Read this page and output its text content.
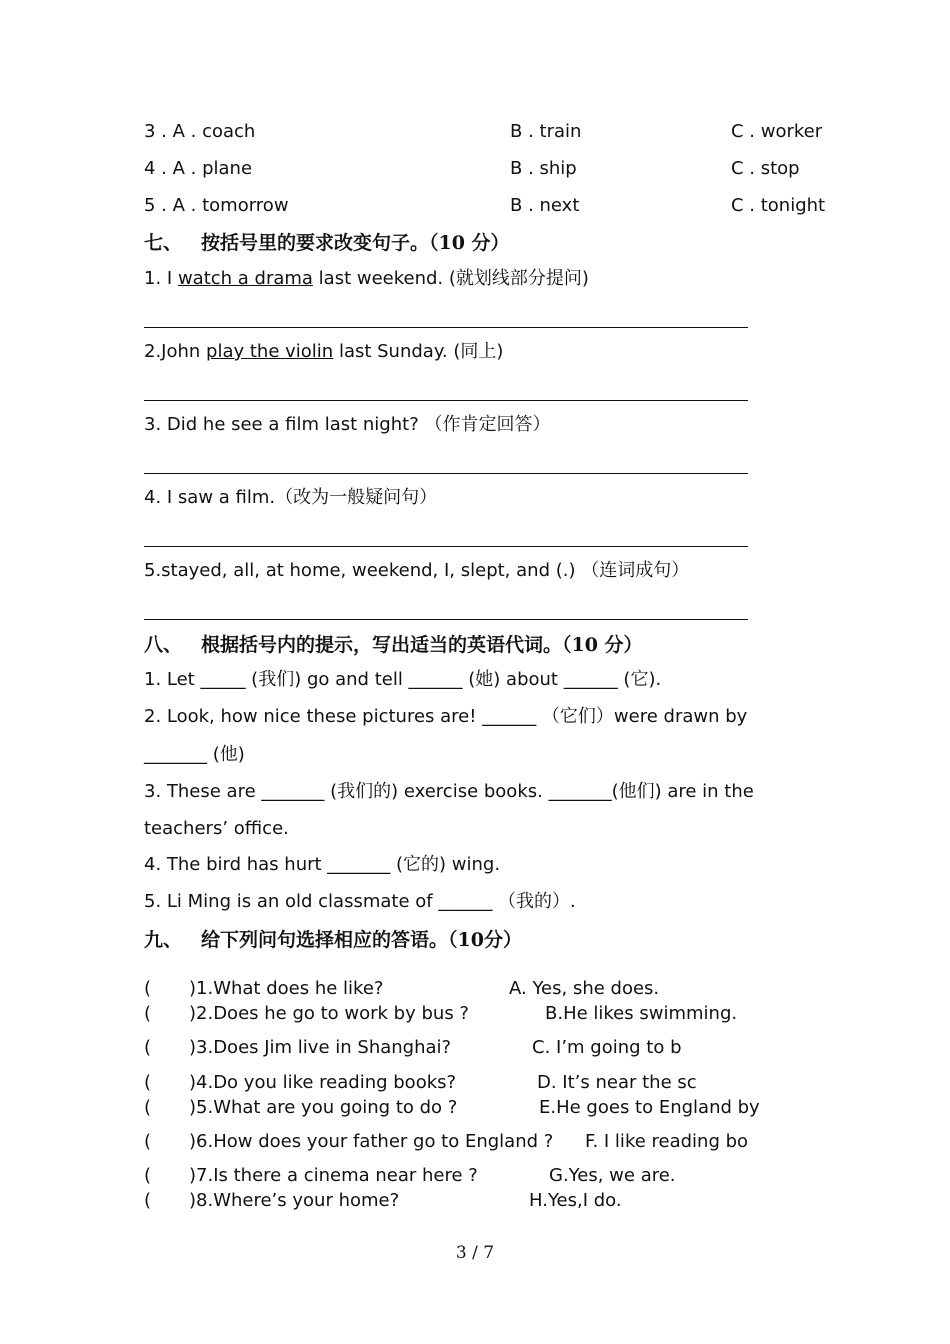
3 . A . coach	B . train	C . worker
4 . A . plane	B . ship	C . stop
5 . A . tomorrow	B . next	C . tonight
七、 按括号里的要求改变句子。（10 分）
1. I watch a drama last weekend. (就划线部分提问)
2.John play the violin last Sunday. (同上)
3. Did he see a film last night? （作肯定回答）
4. I saw a film.（改为一般疑问句）
5.stayed, all, at home, weekend, I, slept, and (.) （连词成句）
八、 根据括号内的提示，写出适当的英语代词。（10 分）
1. Let _____ (我们) go and tell ______ (她) about ______ (它).
2. Look, how nice these pictures are! ______ （它们）were drawn by
_______ (他)
3. These are _______ (我们的) exercise books. _______(他们) are in the
teachers’ office.
4. The bird has hurt _______ (它的) wing.
5. Li Ming is an old classmate of ______ （我的）.
九、 给下列问句选择相应的答语。（10分）
( )1.What does he like?	A. Yes, she does.
( )2.Does he go to work by bus ?	B.He likes swimming.
( )3.Does Jim live in Shanghai?	C. I’m going to b
( )4.Do you like reading books?	D. It’s near the sc
( )5.What are you going to do ?	E.He goes to England by
( )6.How does your father go to England ? F. I like reading bo
( )7.Is there a cinema near here ?	G.Yes, we are.
( )8.Where’s your home?	H.Yes,I do.
3 / 7
